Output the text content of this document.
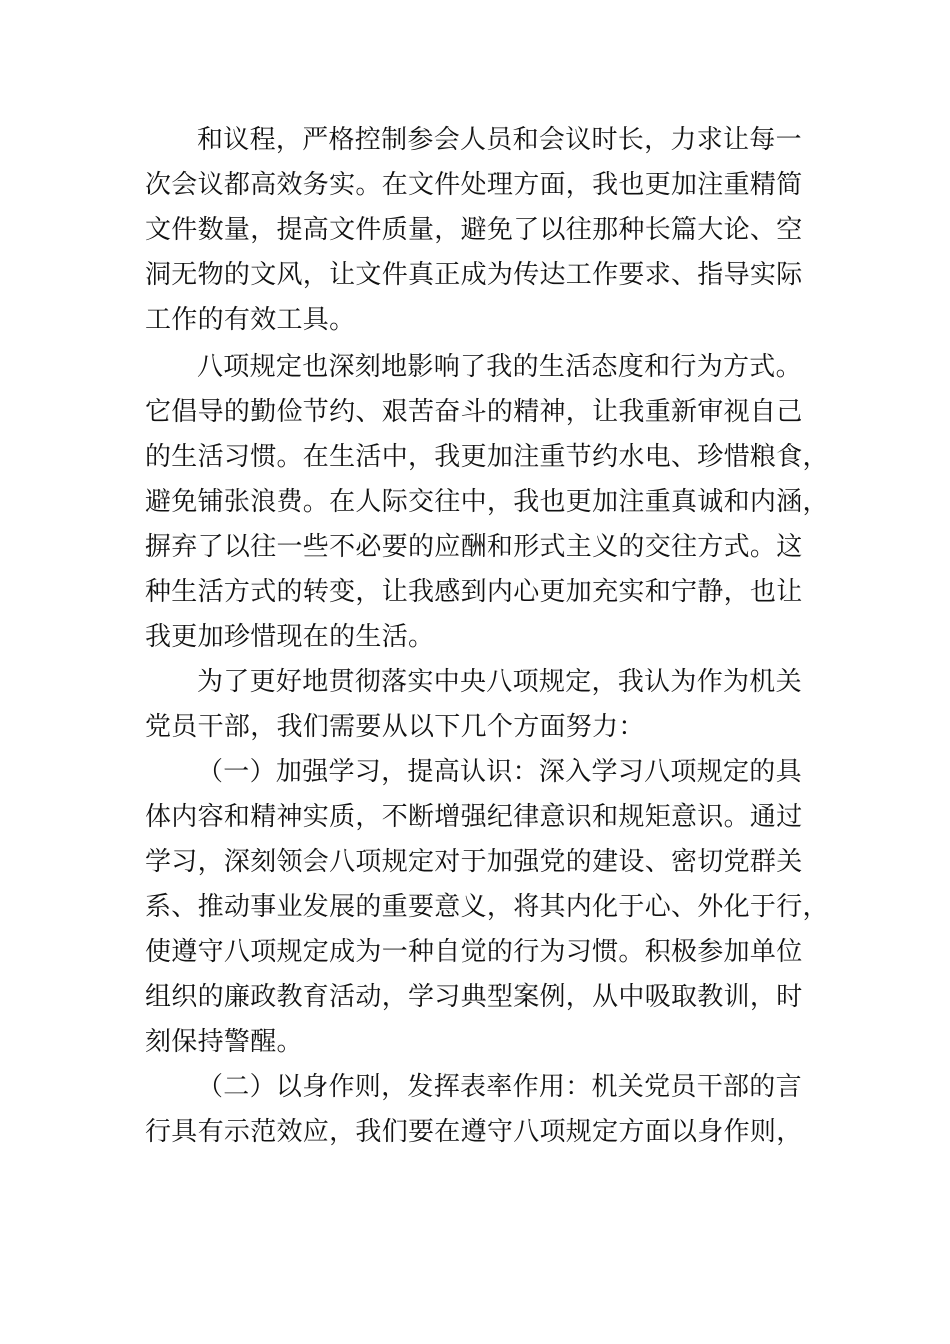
和议程，严格控制参会人员和会议时长，力求让每一
次会议都高效务实。在文件处理方面，我也更加注重精简
文件数量，提高文件质量，避免了以往那种长篇大论、空
洞无物的文风，让文件真正成为传达工作要求、指导实际
工作的有效工具。
八项规定也深刻地影响了我的生活态度和行为方式。
它倡导的勤俭节约、艰苦奋斗的精神，让我重新审视自己
的生活习惯。在生活中，我更加注重节约水电、珍惜粮食，
避免铺张浪费。在人际交往中，我也更加注重真诚和内涵，
摒弃了以往一些不必要的应酬和形式主义的交往方式。这
种生活方式的转变，让我感到内心更加充实和宁静，也让
我更加珍惜现在的生活。
为了更好地贯彻落实中央八项规定，我认为作为机关
党员干部，我们需要从以下几个方面努力：
（一）加强学习，提高认识：深入学习八项规定的具
体内容和精神实质，不断增强纪律意识和规矩意识。通过
学习，深刻领会八项规定对于加强党的建设、密切党群关
系、推动事业发展的重要意义，将其内化于心、外化于行，
使遵守八项规定成为一种自觉的行为习惯。积极参加单位
组织的廉政教育活动，学习典型案例，从中吸取教训，时
刻保持警醒。
（二）以身作则，发挥表率作用：机关党员干部的言
行具有示范效应，我们要在遵守八项规定方面以身作则，
